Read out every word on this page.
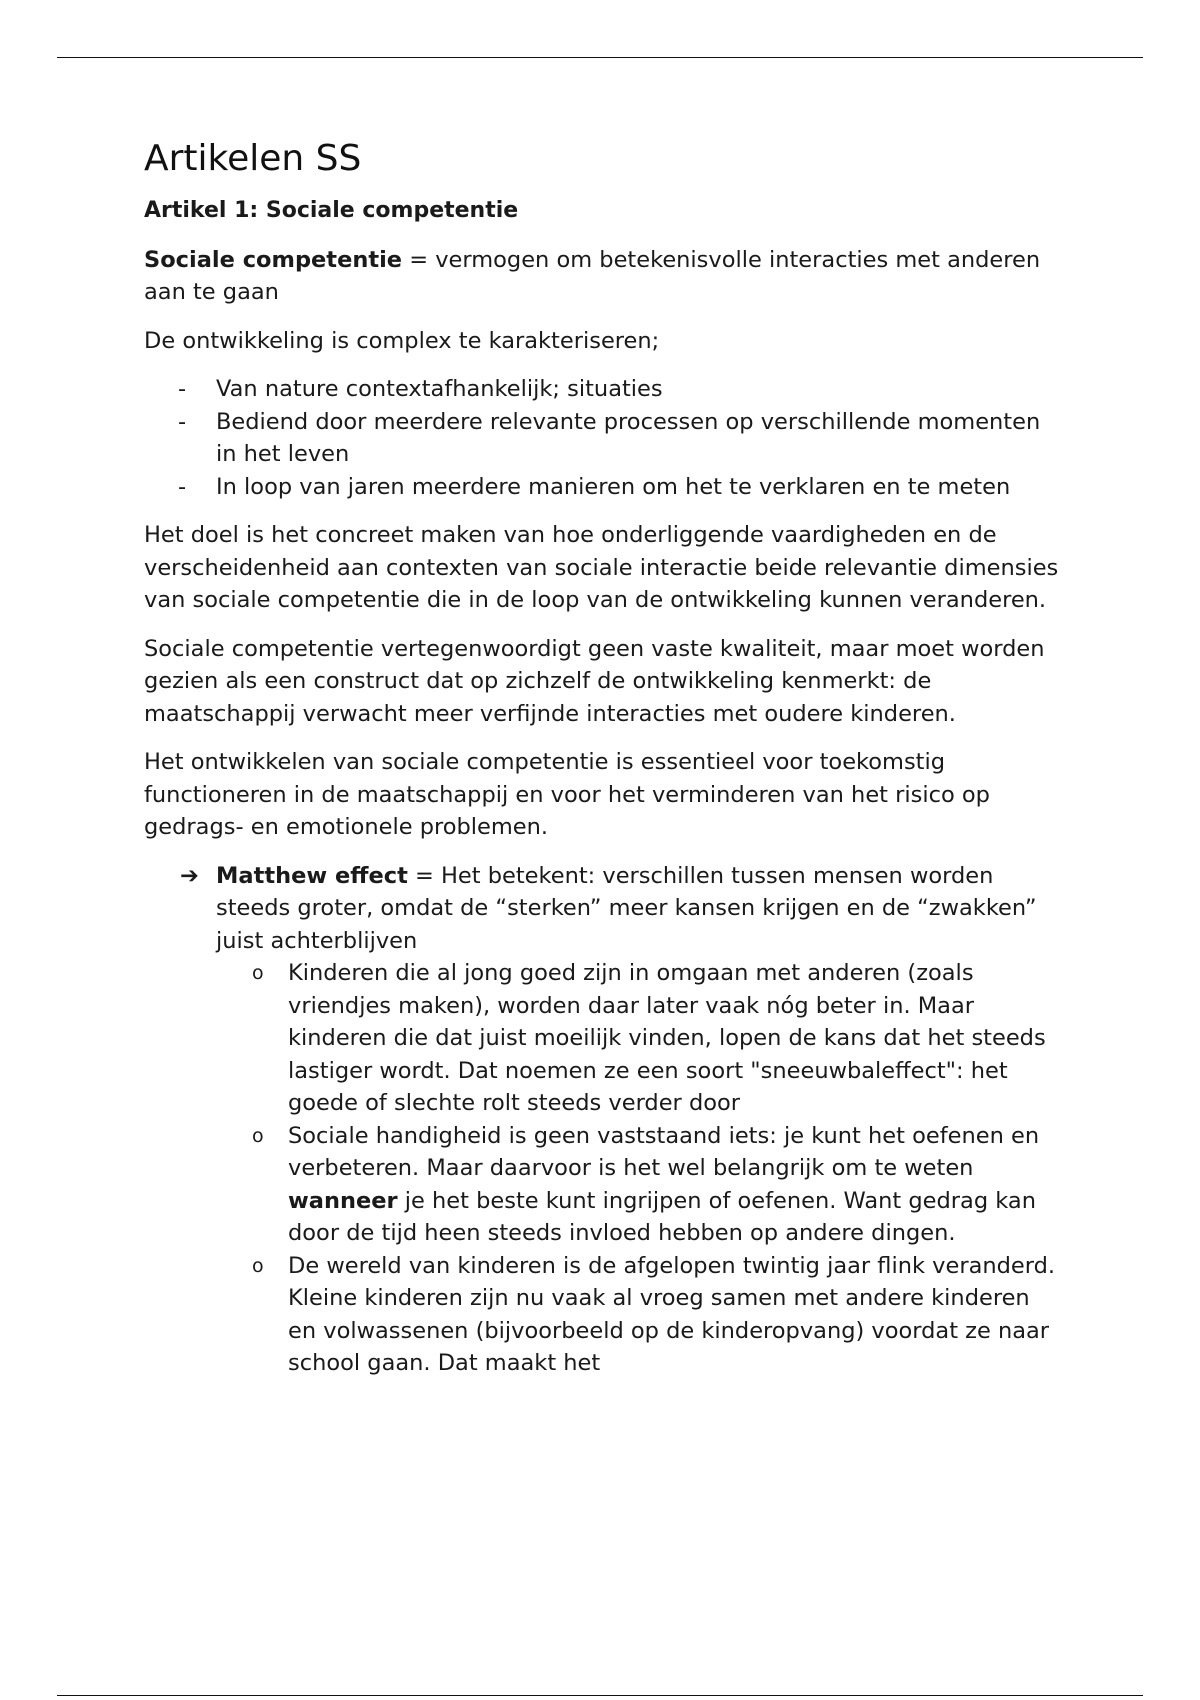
Artikelen SS
Artikel 1: Sociale competentie

Sociale competentie = vermogen om betekenisvolle interacties met anderen aan te gaan

De ontwikkeling is complex te karakteriseren;

- Van nature contextafhankelijk; situaties
- Bediend door meerdere relevante processen op verschillende momenten in het leven
- In loop van jaren meerdere manieren om het te verklaren en te meten

Het doel is het concreet maken van hoe onderliggende vaardigheden en de verscheidenheid aan contexten van sociale interactie beide relevantie dimensies van sociale competentie die in de loop van de ontwikkeling kunnen veranderen.

Sociale competentie vertegenwoordigt geen vaste kwaliteit, maar moet worden gezien als een construct dat op zichzelf de ontwikkeling kenmerkt: de maatschappij verwacht meer verfijnde interacties met oudere kinderen.

Het ontwikkelen van sociale competentie is essentieel voor toekomstig functioneren in de maatschappij en voor het verminderen van het risico op gedrags- en emotionele problemen.

➔ Matthew effect = Het betekent: verschillen tussen mensen worden steeds groter, omdat de “sterken” meer kansen krijgen en de “zwakken” juist achterblijven
o Kinderen die al jong goed zijn in omgaan met anderen (zoals vriendjes maken), worden daar later vaak nóg beter in. Maar kinderen die dat juist moeilijk vinden, lopen de kans dat het steeds lastiger wordt. Dat noemen ze een soort "sneeuwbaleffect": het goede of slechte rolt steeds verder door
o Sociale handigheid is geen vaststaand iets: je kunt het oefenen en verbeteren. Maar daarvoor is het wel belangrijk om te weten wanneer je het beste kunt ingrijpen of oefenen. Want gedrag kan door de tijd heen steeds invloed hebben op andere dingen.
o De wereld van kinderen is de afgelopen twintig jaar flink veranderd. Kleine kinderen zijn nu vaak al vroeg samen met andere kinderen en volwassenen (bijvoorbeeld op de kinderopvang) voordat ze naar school gaan. Dat maakt het
